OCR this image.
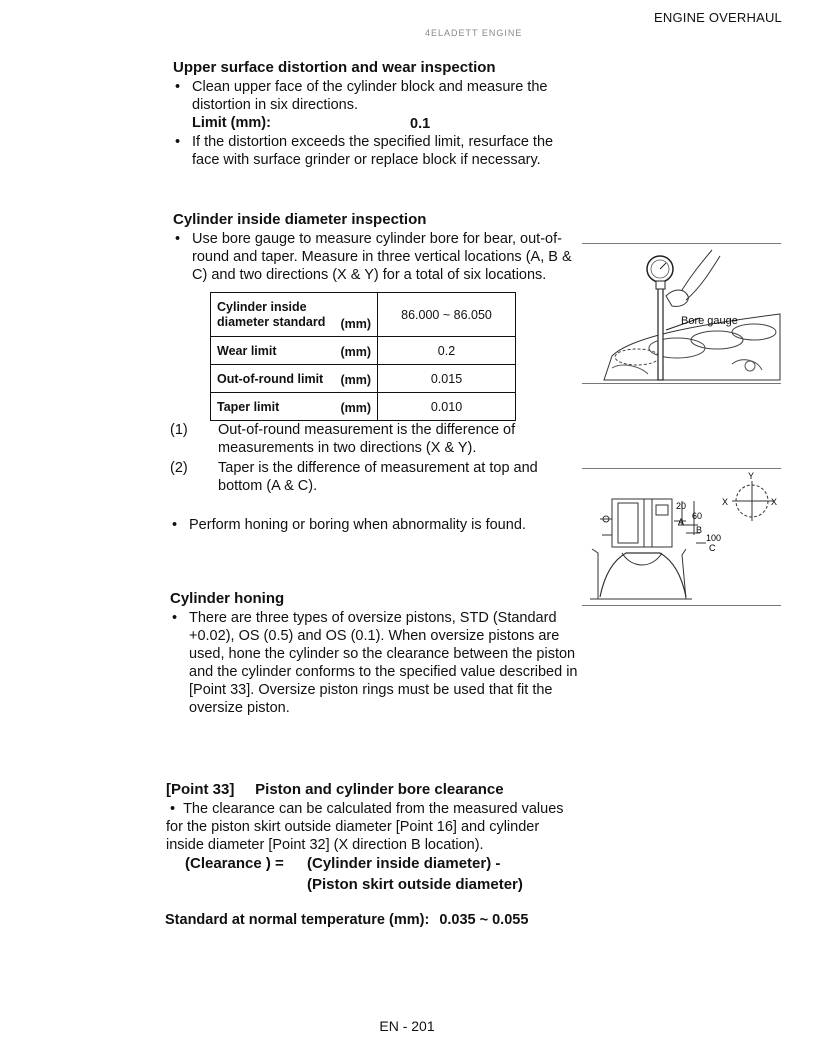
ENGINE OVERHAUL
4ELADETT ENGINE
Upper surface distortion and wear inspection
• Clean upper face of the cylinder block and measure the distortion in six directions.
Limit (mm):	0.1
• If the distortion exceeds the specified limit, resurface the face with surface grinder or replace block if necessary.
Cylinder inside diameter inspection
• Use bore gauge to measure cylinder bore for bear, out-of-round and taper. Measure in three vertical locations (A, B & C) and two directions (X & Y) for a total of six locations.
Cylinder inside diameter standard (mm)	86.000 ~ 86.050
Wear limit (mm)	0.2
Out-of-round limit (mm)	0.015
Taper limit (mm)	0.010
(1) Out-of-round measurement is the difference of measurements in two directions (X & Y).
(2) Taper is the difference of measurement at top and bottom (A & C).
• Perform honing or boring when abnormality is found.
Bore gauge
20
60
A
B
100
C
Y
X	X
Cylinder honing
• There are three types of oversize pistons, STD (Standard +0.02), OS (0.5) and OS (0.1). When oversize pistons are used, hone the cylinder so the clearance between the piston and the cylinder conforms to the specified value described in [Point 33]. Oversize piston rings must be used that fit the oversize piston.
[Point 33]     Piston and cylinder bore clearance
• The clearance can be calculated from the measured values for the piston skirt outside diameter [Point 16] and cylinder inside diameter [Point 32] (X direction B location).
(Clearance ) = (Cylinder inside diameter) -
(Piston skirt outside diameter)
Standard at normal temperature (mm): 0.035 ~ 0.055
EN - 201
